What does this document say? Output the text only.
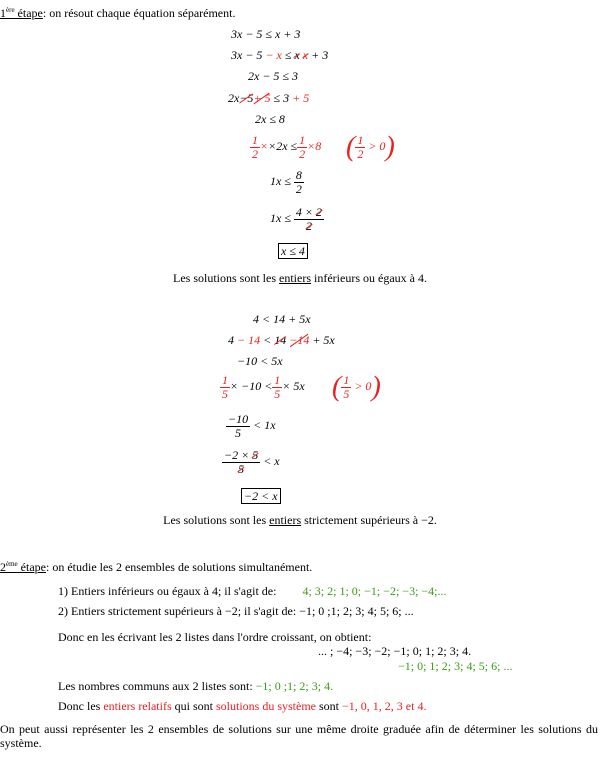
1ère étape: on résout chaque équation séparément.
3x − 5 ≤ x + 3
3x − 5 − x ≤ x x + 3
2x − 5 ≤ 3
2x−5+ 5 ≤ 3 + 5
2x ≤ 8
$\frac{1}{2} \times\times 2x \le \frac{1}{2} \times 8$ ( $\frac{1}{2} > 0$)
$1x \le \frac{8}{2}$
$1x \le \frac{4 \times 2}{2}$
x ≤ 4
Les solutions sont les entiers inférieurs ou égaux à 4.
4 < 14 + 5x
4 − 14 < 14 −14 + 5x
−10 < 5x
$\frac{1}{5} \times -10 < \frac{1}{5} \times 5x$ ( $\frac{1}{5} > 0$)
$\frac{-10}{5} < 1x$
$\frac{-2 \times 5}{5} < x$
−2 < x
Les solutions sont les entiers strictement supérieurs à −2.
2ème étape: on étudie les 2 ensembles de solutions simultanément.
1) Entiers inférieurs ou égaux à 4; il s'agit de: 4; 3; 2; 1; 0; −1; −2; −3; −4;...
2) Entiers strictement supérieurs à −2; il s'agit de: −1; 0 ;1; 2; 3; 4; 5; 6; ...
Donc en les écrivant les 2 listes dans l'ordre croissant, on obtient:
... ; −4; −3; −2; −1; 0; 1; 2; 3; 4.
−1; 0; 1; 2; 3; 4; 5; 6; ...
Les nombres communs aux 2 listes sont: −1; 0 ;1; 2; 3; 4.
Donc les entiers relatifs qui sont solutions du système sont −1, 0, 1, 2, 3 et 4.
On peut aussi représenter les 2 ensembles de solutions sur une même droite graduée afin de déterminer les solutions du système.
